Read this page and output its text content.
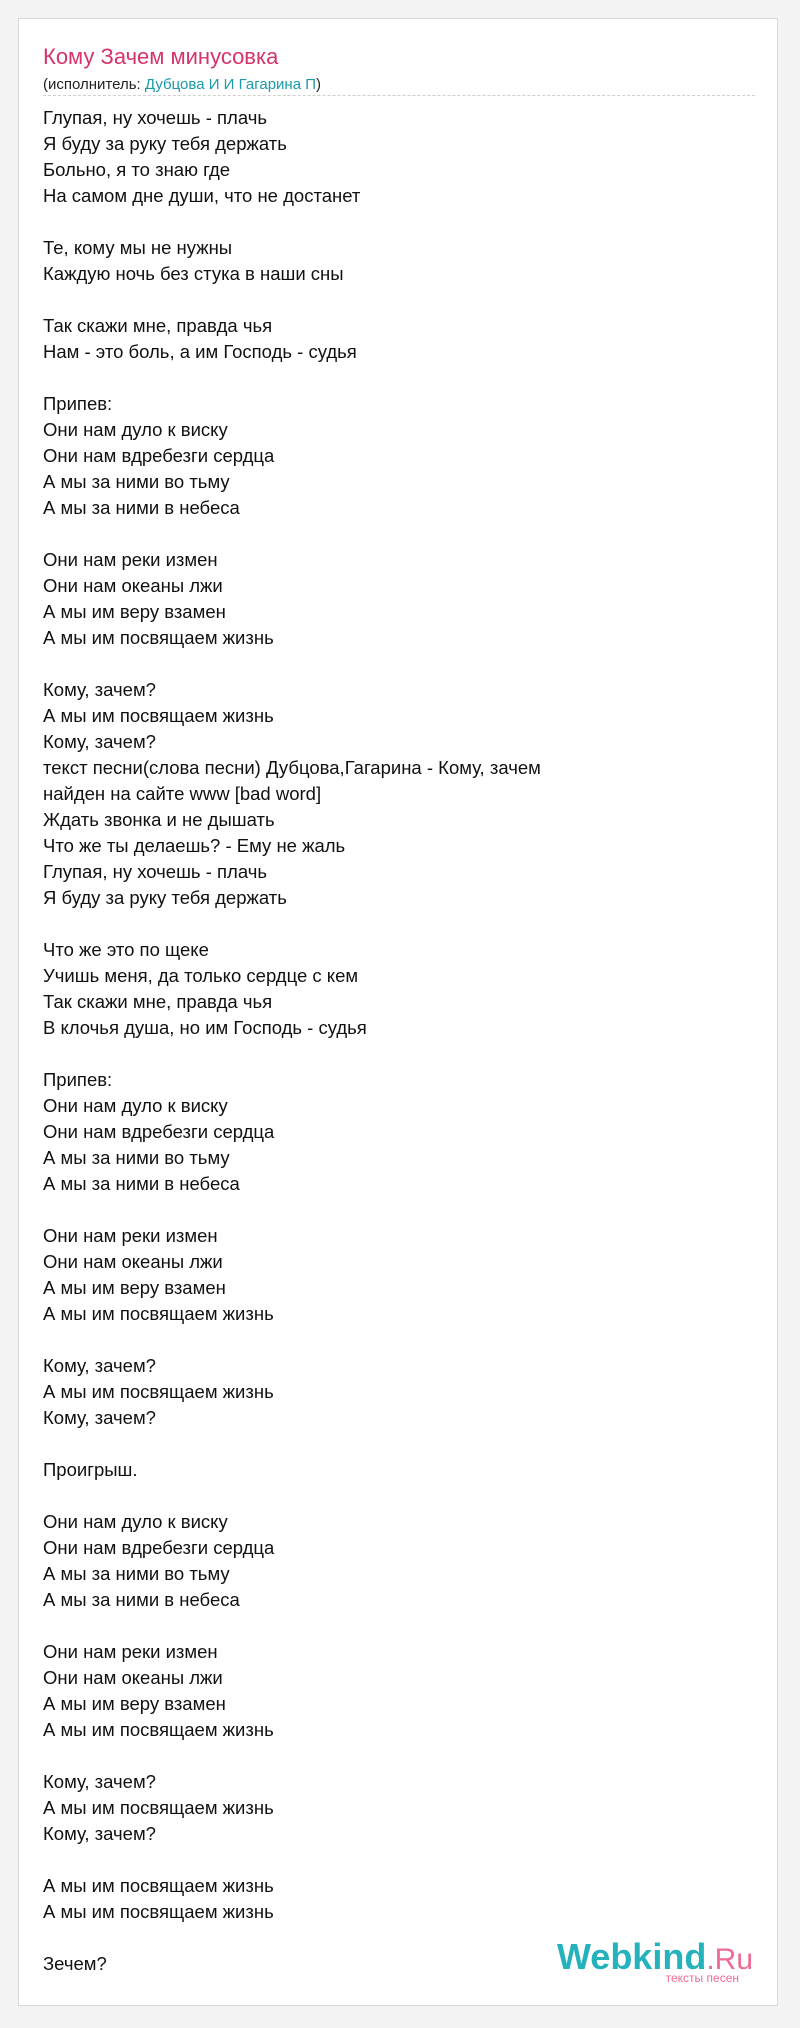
Кому Зачем минусовка
(исполнитель: Дубцова И И Гагарина П)
Глупая, ну хочешь - плачь
Я буду за руку тебя держать
Больно, я то знаю где
На самом дне души, что не достанет
Те, кому мы не нужны
Каждую ночь без стука в наши сны
Так скажи мне, правда чья
Нам - это боль, а им Господь - судья
Припев:
Они нам дуло к виску
Они нам вдребезги сердца
А мы за ними во тьму
А мы за ними в небеса
Они нам реки измен
Они нам океаны лжи
А мы им веру взамен
А мы им посвящаем жизнь
Кому, зачем?
А мы им посвящаем жизнь
Кому, зачем?
текст песни(слова песни) Дубцова,Гагарина - Кому, зачем
найден на сайте www [bad word]
Ждать звонка и не дышать
Что же ты делаешь? - Ему не жаль
Глупая, ну хочешь - плачь
Я буду за руку тебя держать
Что же это по щеке
Учишь меня, да только сердце с кем
Так скажи мне, правда чья
В клочья душа, но им Господь - судья
Припев:
Они нам дуло к виску
Они нам вдребезги сердца
А мы за ними во тьму
А мы за ними в небеса
Они нам реки измен
Они нам океаны лжи
А мы им веру взамен
А мы им посвящаем жизнь
Кому, зачем?
А мы им посвящаем жизнь
Кому, зачем?
Проигрыш.
Они нам дуло к виску
Они нам вдребезги сердца
А мы за ними во тьму
А мы за ними в небеса
Они нам реки измен
Они нам океаны лжи
А мы им веру взамен
А мы им посвящаем жизнь
Кому, зачем?
А мы им посвящаем жизнь
Кому, зачем?
А мы им посвящаем жизнь
А мы им посвящаем жизнь
Зечем?	Webkind.Ru
тексты песен
